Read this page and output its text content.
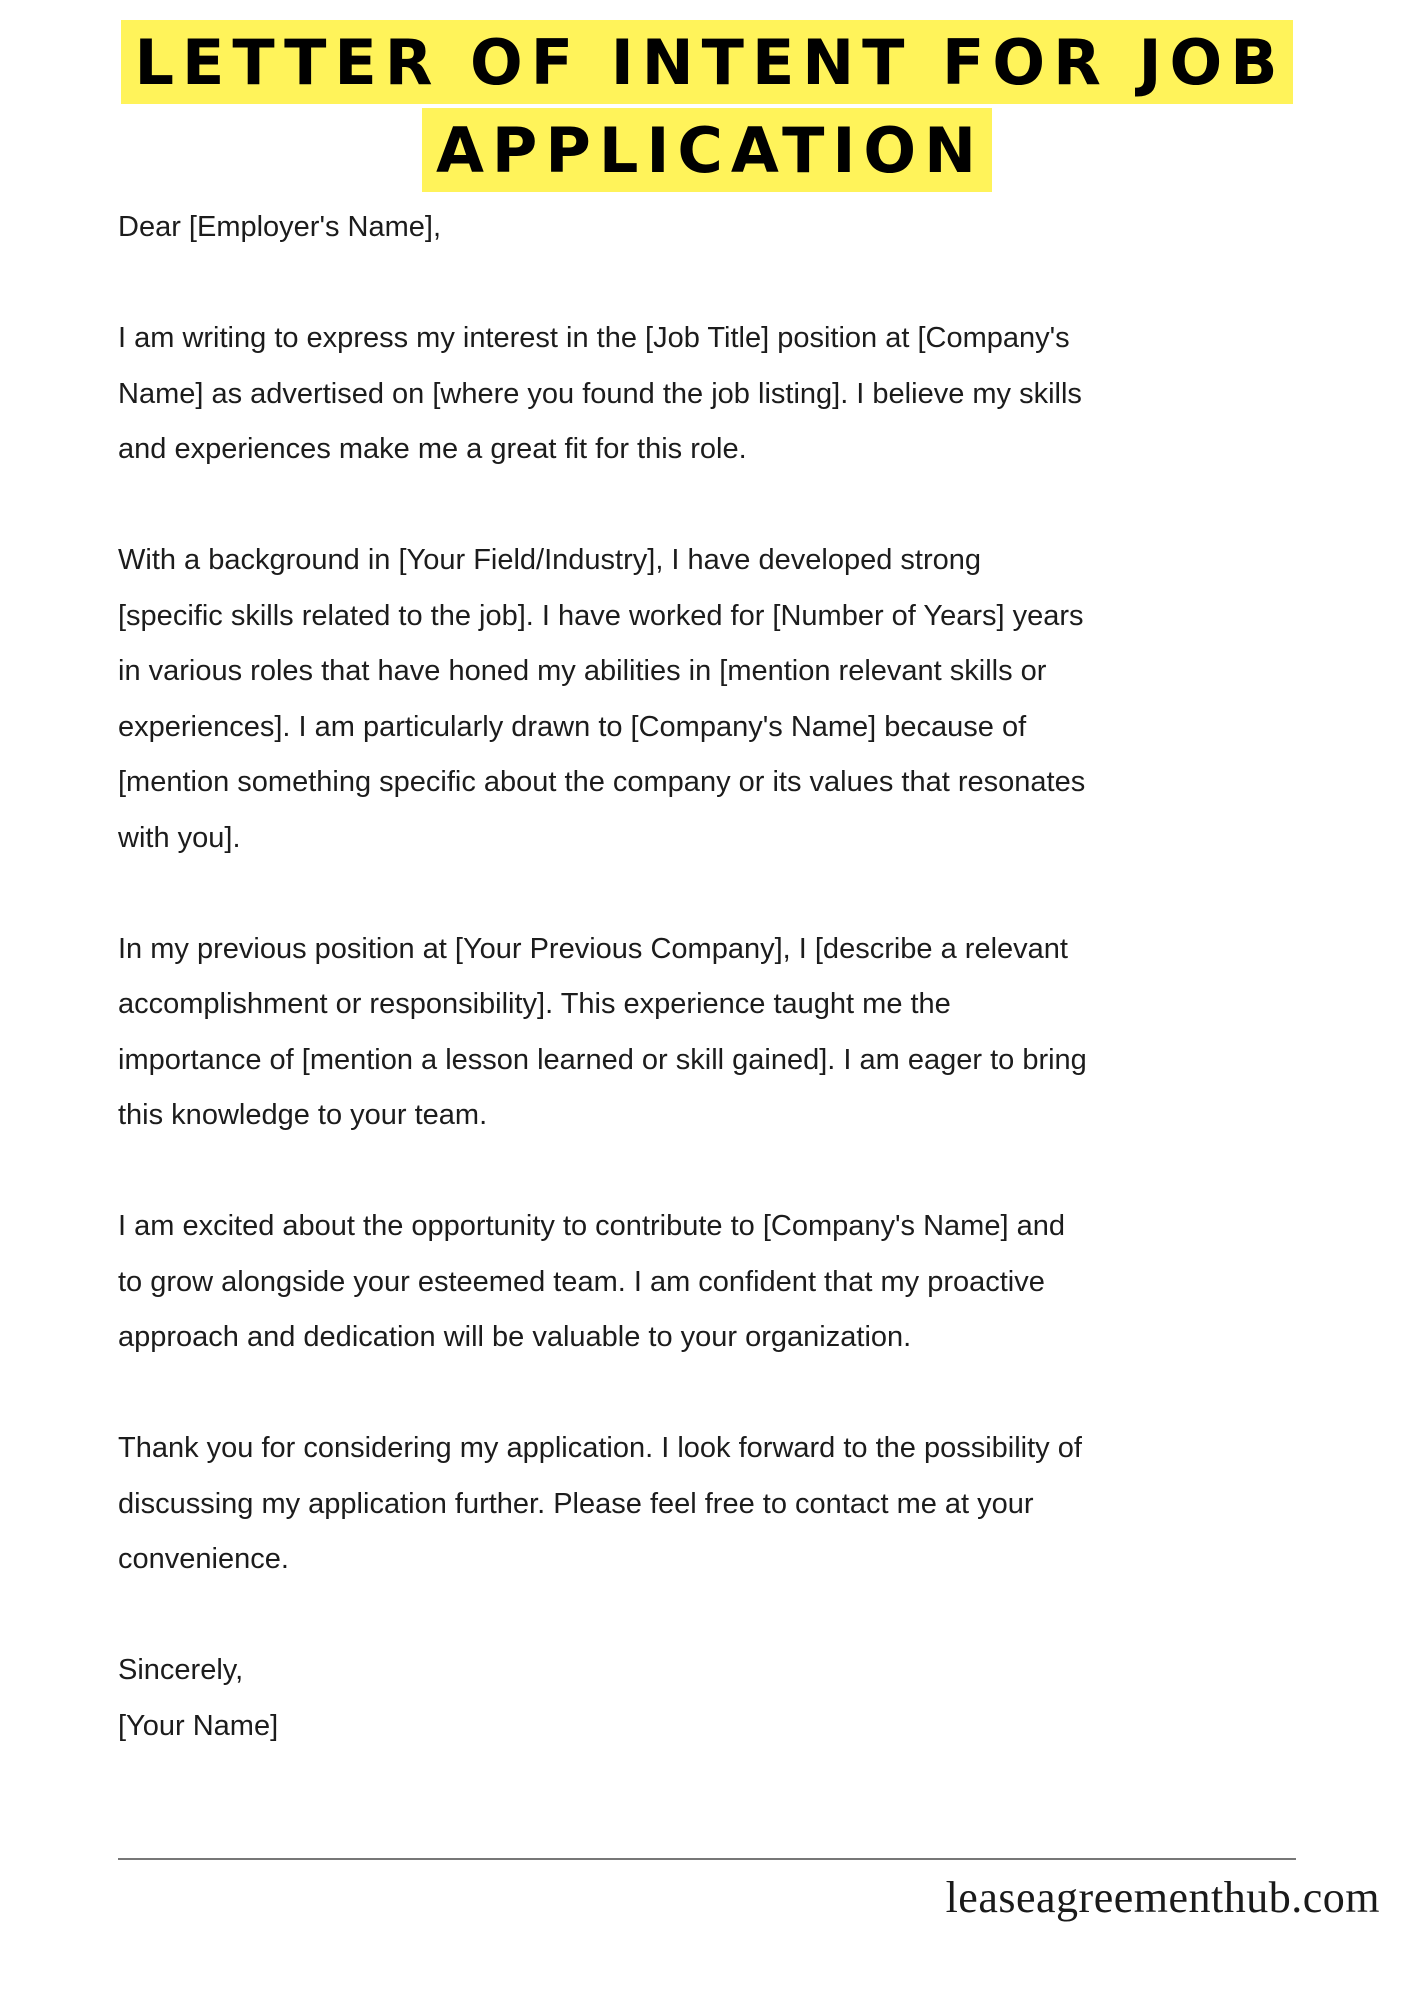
LETTER OF INTENT FOR JOB
APPLICATION

Dear [Employer's Name],

I am writing to express my interest in the [Job Title] position at [Company's
Name] as advertised on [where you found the job listing]. I believe my skills
and experiences make me a great fit for this role.

With a background in [Your Field/Industry], I have developed strong
[specific skills related to the job]. I have worked for [Number of Years] years
in various roles that have honed my abilities in [mention relevant skills or
experiences]. I am particularly drawn to [Company's Name] because of
[mention something specific about the company or its values that resonates
with you].

In my previous position at [Your Previous Company], I [describe a relevant
accomplishment or responsibility]. This experience taught me the
importance of [mention a lesson learned or skill gained]. I am eager to bring
this knowledge to your team.

I am excited about the opportunity to contribute to [Company's Name] and
to grow alongside your esteemed team. I am confident that my proactive
approach and dedication will be valuable to your organization.

Thank you for considering my application. I look forward to the possibility of
discussing my application further. Please feel free to contact me at your
convenience.

Sincerely,
[Your Name]

leaseagreementhub.com
